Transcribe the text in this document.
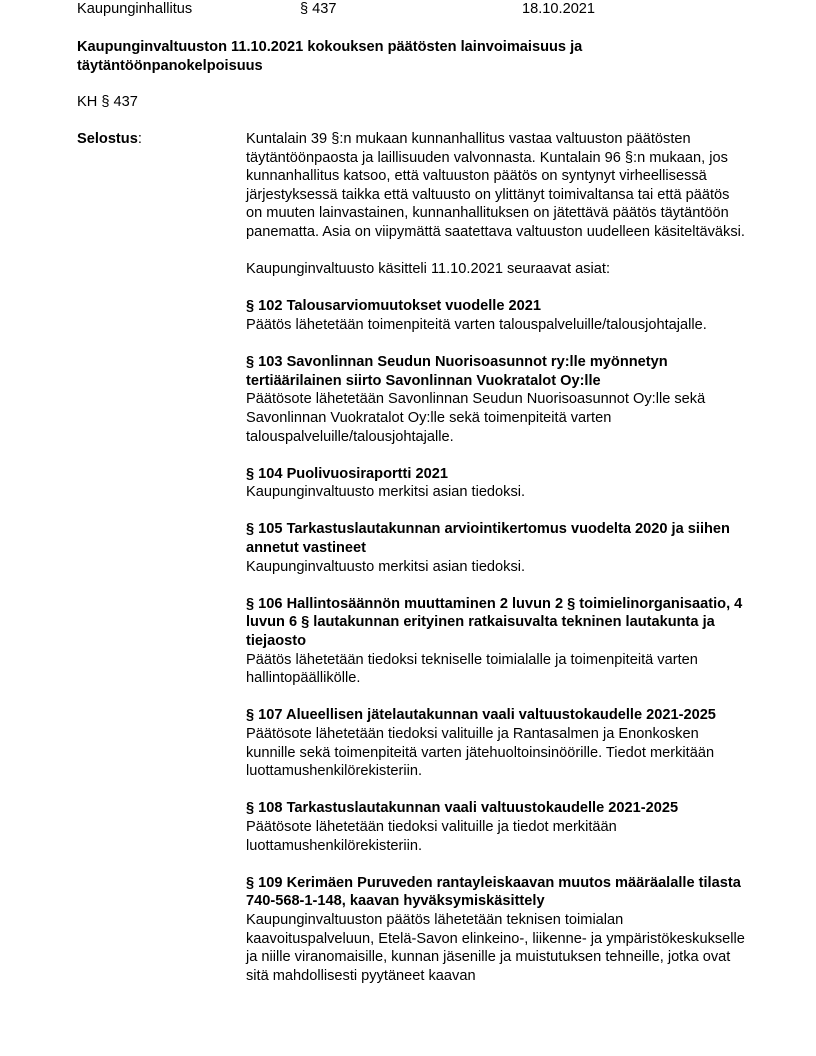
Kaupunginhallitus	§ 437	18.10.2021

Kaupunginvaltuuston 11.10.2021 kokouksen päätösten lainvoimaisuus ja täytäntöönpanokelpoisuus

KH § 437

Selostus:	Kuntalain 39 §:n mukaan kunnanhallitus vastaa valtuuston päätösten täytäntöönpaosta ja laillisuuden valvonnasta. Kuntalain 96 §:n mukaan, jos kunnanhallitus katsoo, että valtuuston päätös on syntynyt virheellisessä järjestyksessä taikka että valtuusto on ylittänyt toimivaltansa tai että päätös on muuten lainvastainen, kunnanhallituksen on jätettävä päätös täytäntöön panematta. Asia on viipymättä saatettava valtuuston uudelleen käsiteltäväksi.

Kaupunginvaltuusto käsitteli 11.10.2021 seuraavat asiat:

§ 102 Talousarviomuutokset vuodelle 2021

Päätös lähetetään toimenpiteitä varten talouspalveluille/talousjohtajalle.

§ 103 Savonlinnan Seudun Nuorisoasunnot ry:lle myönnetyn tertiäärilainen siirto Savonlinnan Vuokratalot Oy:lle

Päätösote lähetetään Savonlinnan Seudun Nuorisoasunnot Oy:lle sekä Savonlinnan Vuokratalot Oy:lle sekä toimenpiteitä varten talouspalveluille/talousjohtajalle.

§ 104 Puolivuosiraportti 2021

Kaupunginvaltuusto merkitsi asian tiedoksi.

§ 105 Tarkastuslautakunnan arviointikertomus vuodelta 2020 ja siihen annetut vastineet

Kaupunginvaltuusto merkitsi asian tiedoksi.

§ 106 Hallintosäännön muuttaminen 2 luvun 2 § toimielinorganisaatio, 4 luvun 6 § lautakunnan erityinen ratkaisuvalta tekninen lautakunta ja tiejaosto

Päätös lähetetään tiedoksi tekniselle toimialalle ja toimenpiteitä varten hallintopäällikölle.

§ 107 Alueellisen jätelautakunnan vaali valtuustokaudelle 2021-2025

Päätösote lähetetään tiedoksi valituille ja Rantasalmen ja Enonkosken kunnille sekä toimenpiteitä varten jätehuoltoinsinöörille. Tiedot merkitään luottamushenkilörekisteriin.

§ 108 Tarkastuslautakunnan vaali valtuustokaudelle 2021-2025

Päätösote lähetetään tiedoksi valituille ja tiedot merkitään luottamushenkilörekisteriin.

§ 109 Kerimäen Puruveden rantayleiskaavan muutos määräalalle tilasta 740-568-1-148, kaavan hyväksymiskäsittely

Kaupunginvaltuuston päätös lähetetään teknisen toimialan kaavoituspalveluun, Etelä-Savon elinkeino-, liikenne- ja ympäristökeskukselle ja niille viranomaisille, kunnan jäsenille ja muistutuksen tehneille, jotka ovat sitä mahdollisesti pyytäneet kaavan
